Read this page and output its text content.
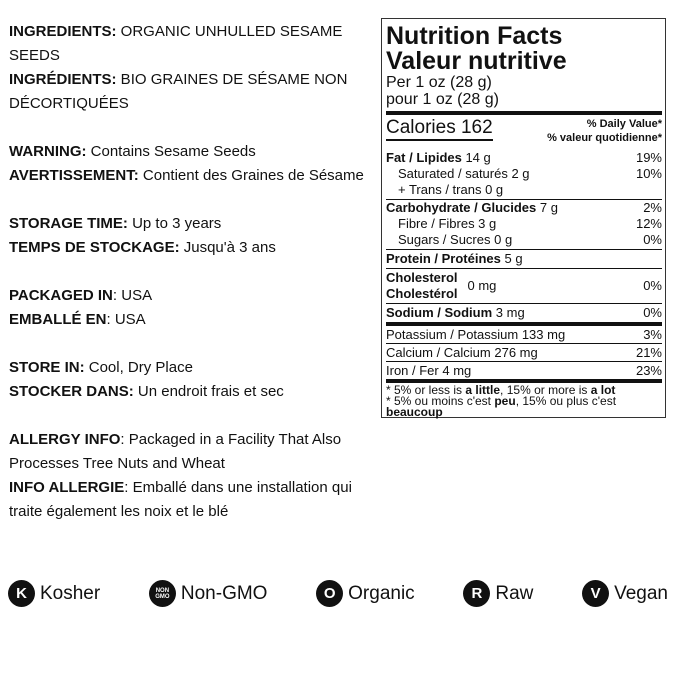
INGREDIENTS: ORGANIC UNHULLED SESAME SEEDS
INGRÉDIENTS: BIO GRAINES DE SÉSAME NON DÉCORTIQUÉES

WARNING: Contains Sesame Seeds
AVERTISSEMENT: Contient des Graines de Sésame

STORAGE TIME: Up to 3 years
TEMPS DE STOCKAGE: Jusqu'à 3 ans

PACKAGED IN: USA
EMBALLÉ EN: USA

STORE IN: Cool, Dry Place
STOCKER DANS: Un endroit frais et sec

ALLERGY INFO: Packaged in a Facility That Also Processes Tree Nuts and Wheat
INFO ALLERGIE: Emballé dans une installation qui traite également les noix et le blé

Nutrition Facts
Valeur nutritive
Per 1 oz (28 g)
pour 1 oz (28 g)
Calories 162	% Daily Value*
% valeur quotidienne*
Fat / Lipides 14 g	19%
Saturated / saturés 2 g	10%
+ Trans / trans 0 g
Carbohydrate / Glucides 7 g	2%
Fibre / Fibres 3 g	12%
Sugars / Sucres 0 g	0%
Protein / Protéines 5 g
Cholesterol
Cholestérol
0 mg	0%
Sodium / Sodium 3 mg	0%
Potassium / Potassium 133 mg	3%
Calcium / Calcium 276 mg	21%
Iron / Fer 4 mg	23%
* 5% or less is a little, 15% or more is a lot
* 5% ou moins c'est peu, 15% ou plus c'est beaucoup
K Kosher	NON GMO Non-GMO	O Organic	R Raw	V Vegan
